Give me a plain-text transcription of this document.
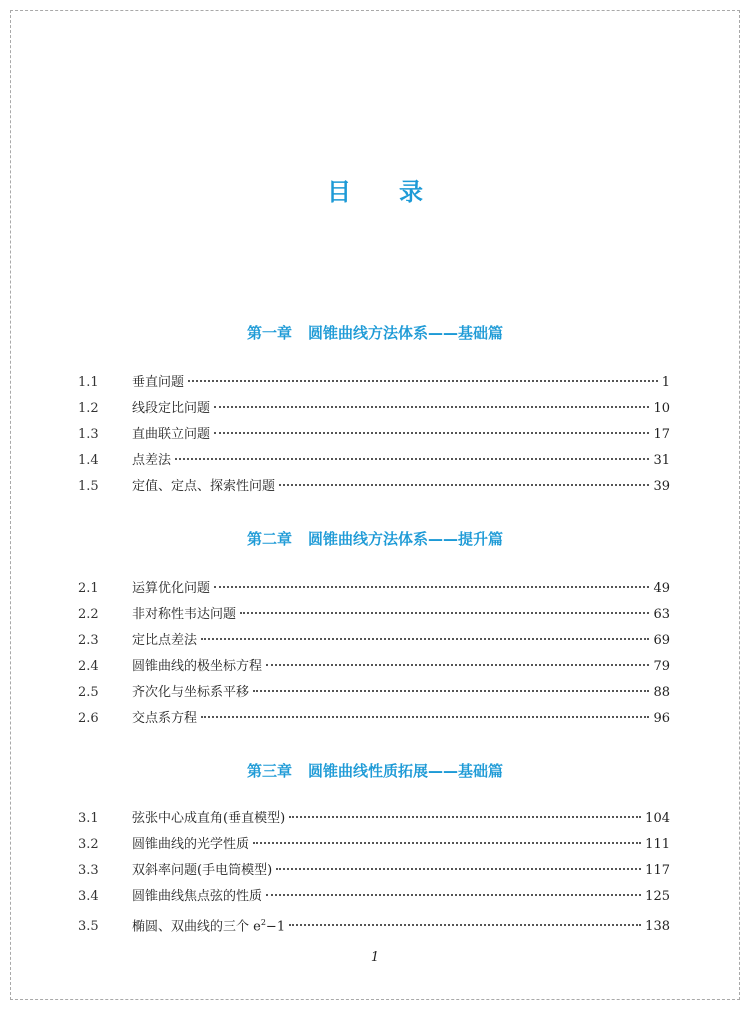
目 录
第一章 圆锥曲线方法体系——基础篇
1.1	垂直问题	1
1.2	线段定比问题	10
1.3	直曲联立问题	17
1.4	点差法	31
1.5	定值、定点、探索性问题	39
第二章 圆锥曲线方法体系——提升篇
2.1	运算优化问题	49
2.2	非对称性韦达问题	63
2.3	定比点差法	69
2.4	圆锥曲线的极坐标方程	79
2.5	齐次化与坐标系平移	88
2.6	交点系方程	96
第三章 圆锥曲线性质拓展——基础篇
3.1	弦张中心成直角(垂直模型)	104
3.2	圆锥曲线的光学性质	111
3.3	双斜率问题(手电筒模型)	117
3.4	圆锥曲线焦点弦的性质	125
3.5	椭圆、双曲线的三个 $e^2-1$	138
1
